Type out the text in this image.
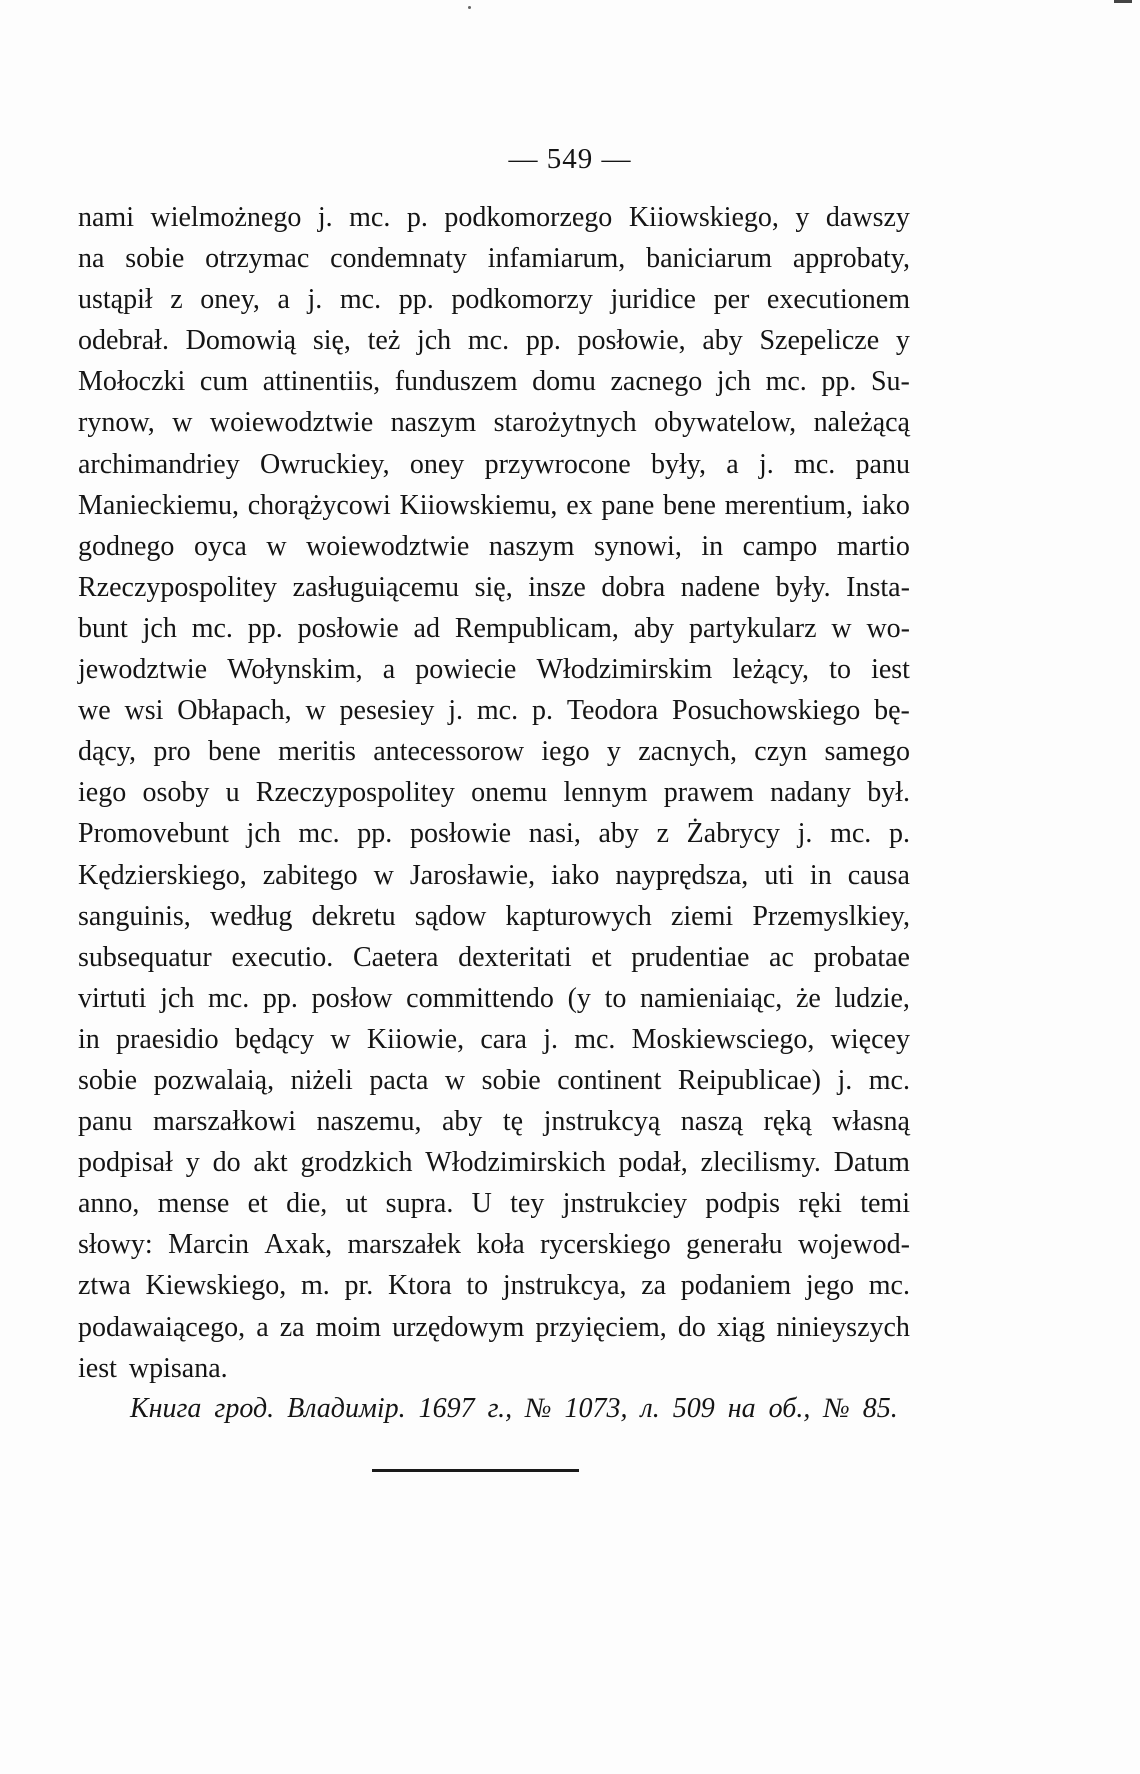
— 549 —
nami wielmożnego j. mc. p. podkomorzego Kiiowskiego, y dawszy
na sobie otrzymac condemnaty infamiarum, baniciarum approbaty,
ustąpił z oney, a j. mc. pp. podkomorzy juridice per executionem
odebrał. Domowią się, też jch mc. pp. posłowie, aby Szepelicze y
Mołoczki cum attinentiis, funduszem domu zacnego jch mc. pp. Su-
rynow, w woiewodztwie naszym starożytnych obywatelow, należącą
archimandriey Owruckiey, oney przywrocone były, a j. mc. panu
Manieckiemu, chorążycowi Kiiowskiemu, ex pane bene merentium, iako
godnego oyca w woiewodztwie naszym synowi, in campo martio
Rzeczypospolitey zasługuiącemu się, insze dobra nadene były. Insta-
bunt jch mc. pp. posłowie ad Rempublicam, aby partykularz w wo-
jewodztwie Wołynskim, a powiecie Włodzimirskim leżący, to iest
we wsi Obłapach, w pesesiey j. mc. p. Teodora Posuchowskiego bę-
dący, pro bene meritis antecessorow iego y zacnych, czyn samego
iego osoby u Rzeczypospolitey onemu lennym prawem nadany był.
Promovebunt jch mc. pp. posłowie nasi, aby z Żabrycy j. mc. p.
Kędzierskiego, zabitego w Jarosławie, iako nayprędsza, uti in causa
sanguinis, według dekretu sądow kapturowych ziemi Przemyslkiey,
subsequatur executio. Caetera dexteritati et prudentiae ac probatae
virtuti jch mc. pp. posłow committendo (y to namieniaiąc, że ludzie,
in praesidio będący w Kiiowie, cara j. mc. Moskiewsciego, więcey
sobie pozwalaią, niżeli pacta w sobie continent Reipublicae) j. mc.
panu marszałkowi naszemu, aby tę jnstrukcyą naszą ręką własną
podpisał y do akt grodzkich Włodzimirskich podał, zlecilismy. Datum
anno, mense et die, ut supra. U tey jnstrukciey podpis ręki temi
słowy: Marcin Axak, marszałek koła rycerskiego generału wojewod-
ztwa Kiewskiego, m. pr. Ktora to jnstrukcya, za podaniem jego mc.
podawaiącego, a za moim urzędowym przyięciem, do xiąg ninieyszych
iest wpisana.
Книга грод. Владимір. 1697 г., № 1073, л. 509 на об., № 85.
